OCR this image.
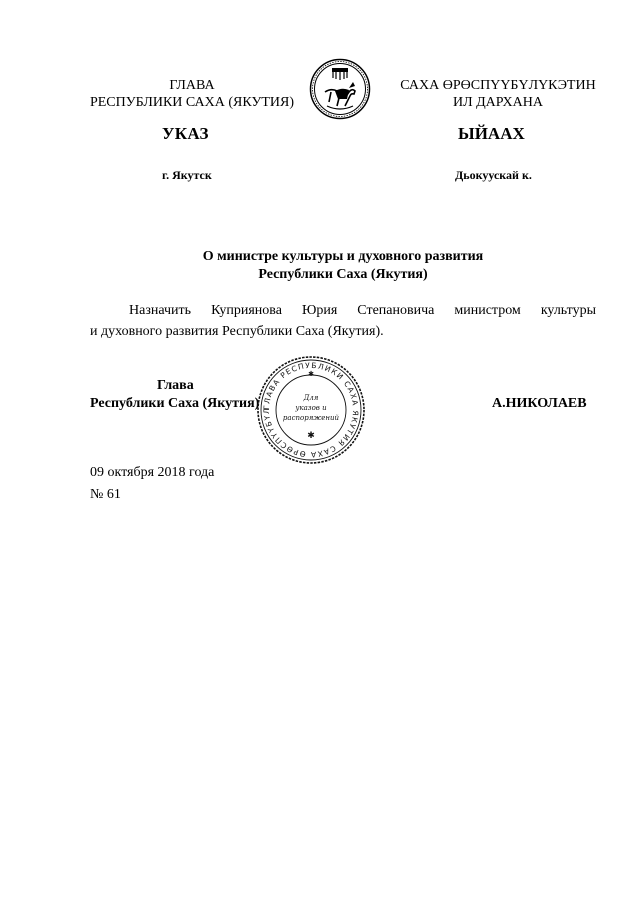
ГЛАВА
РЕСПУБЛИКИ САХА (ЯКУТИЯ)
САХА ӨРӨСПҮҮБҮЛҮКЭТИН
ИЛ ДАРХАНА
УКАЗ	ЫЙААХ
г. Якутск	Дьокуускай к.
О министре культуры и духовного развития
Республики Саха (Якутия)
Назначить Куприянова Юрия Степановича министром культуры
и духовного развития Республики Саха (Якутия).
Глава
Республики Саха (Якутия)	А.НИКОЛАЕВ
ГЛАВА РЕСПУБЛИКИ САХА ЯКУТИЯ САХА ӨРӨСПҮҮБҮЛ
Для
указов и
распоряжений
✱
✱
09 октября 2018 года
№ 61
